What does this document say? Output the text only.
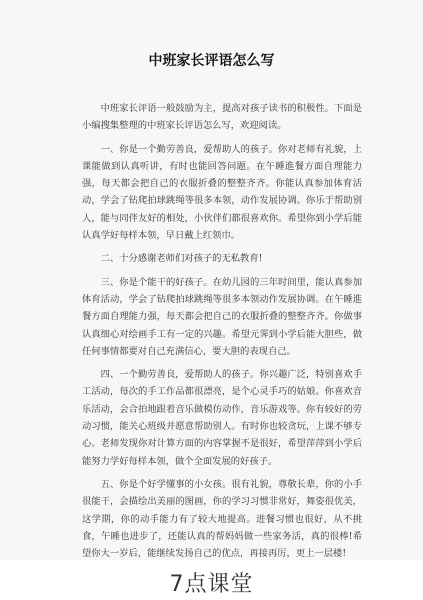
中班家长评语怎么写

中班家长评语一般鼓励为主，提高对孩子读书的积极性。下面是小编搜集整理的中班家长评语怎么写，欢迎阅读。

一、你是一个勤劳善良，爱帮助人的孩子。你对老师有礼貌，上课能做到认真听讲，有时也能回答问题。在午睡進餐方面自理能力强，每天都会把自己的衣服折叠的整整齐齐。你能认真参加体育活动，学会了钻爬拍球跳绳等很多本领，动作发展协调。你乐于帮助别人，能与同伴友好的相处，小伙伴们都很喜欢你。希望你到小学后能认真学好每样本领，早日戴上红领巾。

二、十分感谢老师们对孩子的无私教育!

三、你是个能干的好孩子。在幼儿园的三年时间里，能认真参加体育活动，学会了钻爬拍球跳绳等很多本领动作发展协调。在午睡進餐方面自理能力强，每天都会把自己的衣服折叠的整整齐齐。你做事认真细心对绘画手工有一定的兴趣。希望元霁到小学后能大胆些，做任何事情都要对自己充满信心，要大胆的表现自己。

四、一个勤劳善良，爱帮助人的孩子。你兴趣广泛，特别喜欢手工活动，每次的手工作品都很漂亮，是个心灵手巧的姑娘。你喜欢音乐活动，会合拍地跟着音乐做模仿动作，音乐游戏等。你有较好的劳动习惯，能关心班级并愿意帮助别人。有时你也较贪玩，上课不够专心。老师发现你对计算方面的内容掌握不是很好，希望萍萍到小学后能努力学好每样本领，做个全面发展的好孩子。

五、你是个好学懂事的小女孩。很有礼貌，尊敬长辈，你的小手很能干，会描绘出美丽的图画，你的学习习惯非常好，舞姿很优美，这学期，你的动手能力有了较大地提高。进餐习惯也很好，从不挑食，午睡也进步了，还能认真的帮妈妈做一些家务活，真的很棒!希望你大一岁后，能继续发扬自己的优点，再接再厉，更上一层楼!

7点课堂
